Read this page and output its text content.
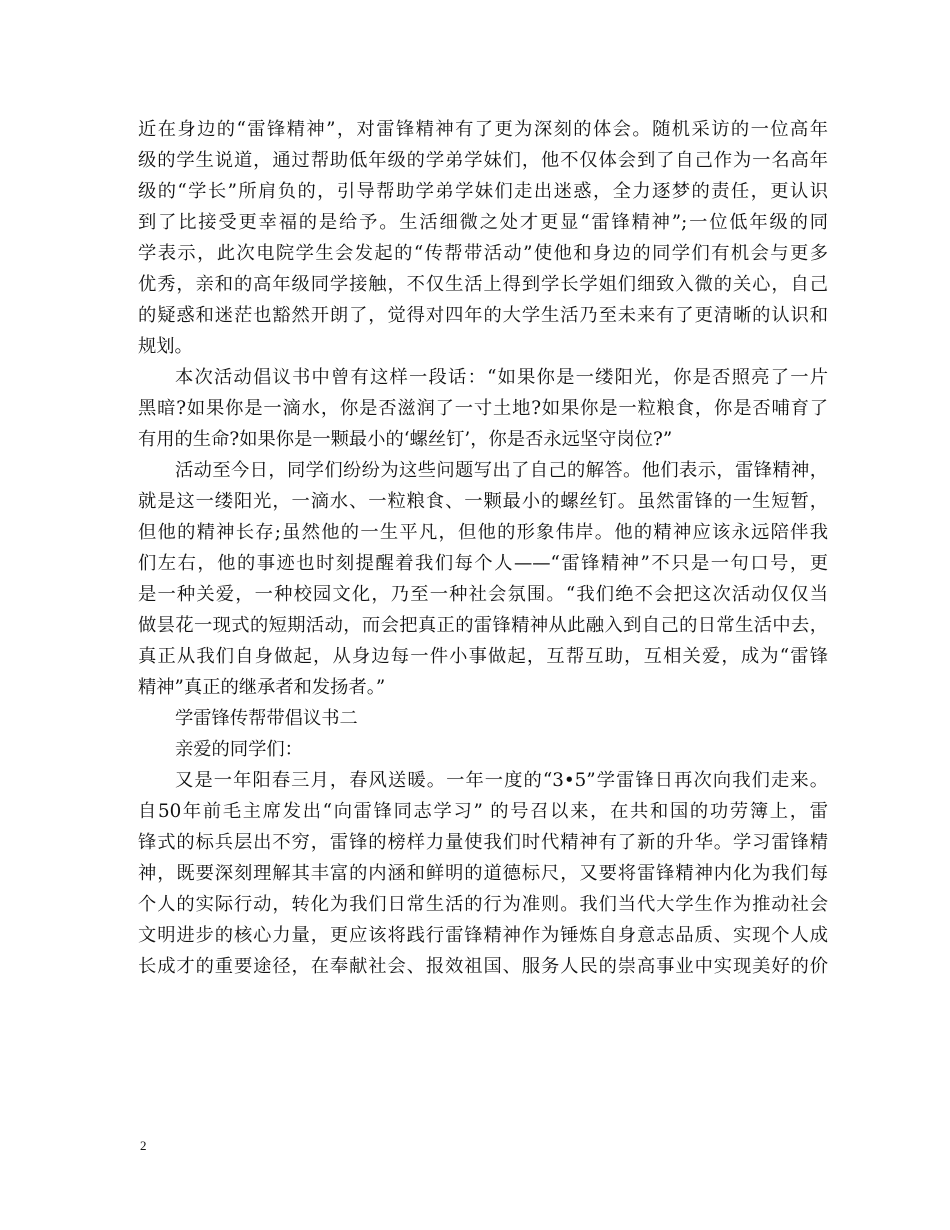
近在身边的“雷锋精神”，对雷锋精神有了更为深刻的体会。随机采访的一位高年
级的学生说道，通过帮助低年级的学弟学妹们，他不仅体会到了自己作为一名高年
级的“学长”所肩负的，引导帮助学弟学妹们走出迷惑，全力逐梦的责任，更认识
到了比接受更幸福的是给予。生活细微之处才更显“雷锋精神”;一位低年级的同
学表示，此次电院学生会发起的“传帮带活动”使他和身边的同学们有机会与更多
优秀，亲和的高年级同学接触，不仅生活上得到学长学姐们细致入微的关心，自己
的疑惑和迷茫也豁然开朗了，觉得对四年的大学生活乃至未来有了更清晰的认识和
规划。
本次活动倡议书中曾有这样一段话：“如果你是一缕阳光，你是否照亮了一片
黑暗?如果你是一滴水，你是否滋润了一寸土地?如果你是一粒粮食，你是否哺育了
有用的生命?如果你是一颗最小的‘螺丝钉’，你是否永远坚守岗位?”
活动至今日，同学们纷纷为这些问题写出了自己的解答。他们表示，雷锋精神，
就是这一缕阳光，一滴水、一粒粮食、一颗最小的螺丝钉。虽然雷锋的一生短暂，
但他的精神长存;虽然他的一生平凡，但他的形象伟岸。他的精神应该永远陪伴我
们左右，他的事迹也时刻提醒着我们每个人——“雷锋精神”不只是一句口号，更
是一种关爱，一种校园文化，乃至一种社会氛围。“我们绝不会把这次活动仅仅当
做昙花一现式的短期活动，而会把真正的雷锋精神从此融入到自己的日常生活中去，
真正从我们自身做起，从身边每一件小事做起，互帮互助，互相关爱，成为“雷锋
精神”真正的继承者和发扬者。”
学雷锋传帮带倡议书二
亲爱的同学们：
又是一年阳春三月，春风送暖。一年一度的“3•5”学雷锋日再次向我们走来。
自50年前毛主席发出“向雷锋同志学习” 的号召以来，在共和国的功劳簿上，雷
锋式的标兵层出不穷，雷锋的榜样力量使我们时代精神有了新的升华。学习雷锋精
神，既要深刻理解其丰富的内涵和鲜明的道德标尺，又要将雷锋精神内化为我们每
个人的实际行动，转化为我们日常生活的行为准则。我们当代大学生作为推动社会
文明进步的核心力量，更应该将践行雷锋精神作为锤炼自身意志品质、实现个人成
长成才的重要途径，在奉献社会、报效祖国、服务人民的崇高事业中实现美好的价
2
